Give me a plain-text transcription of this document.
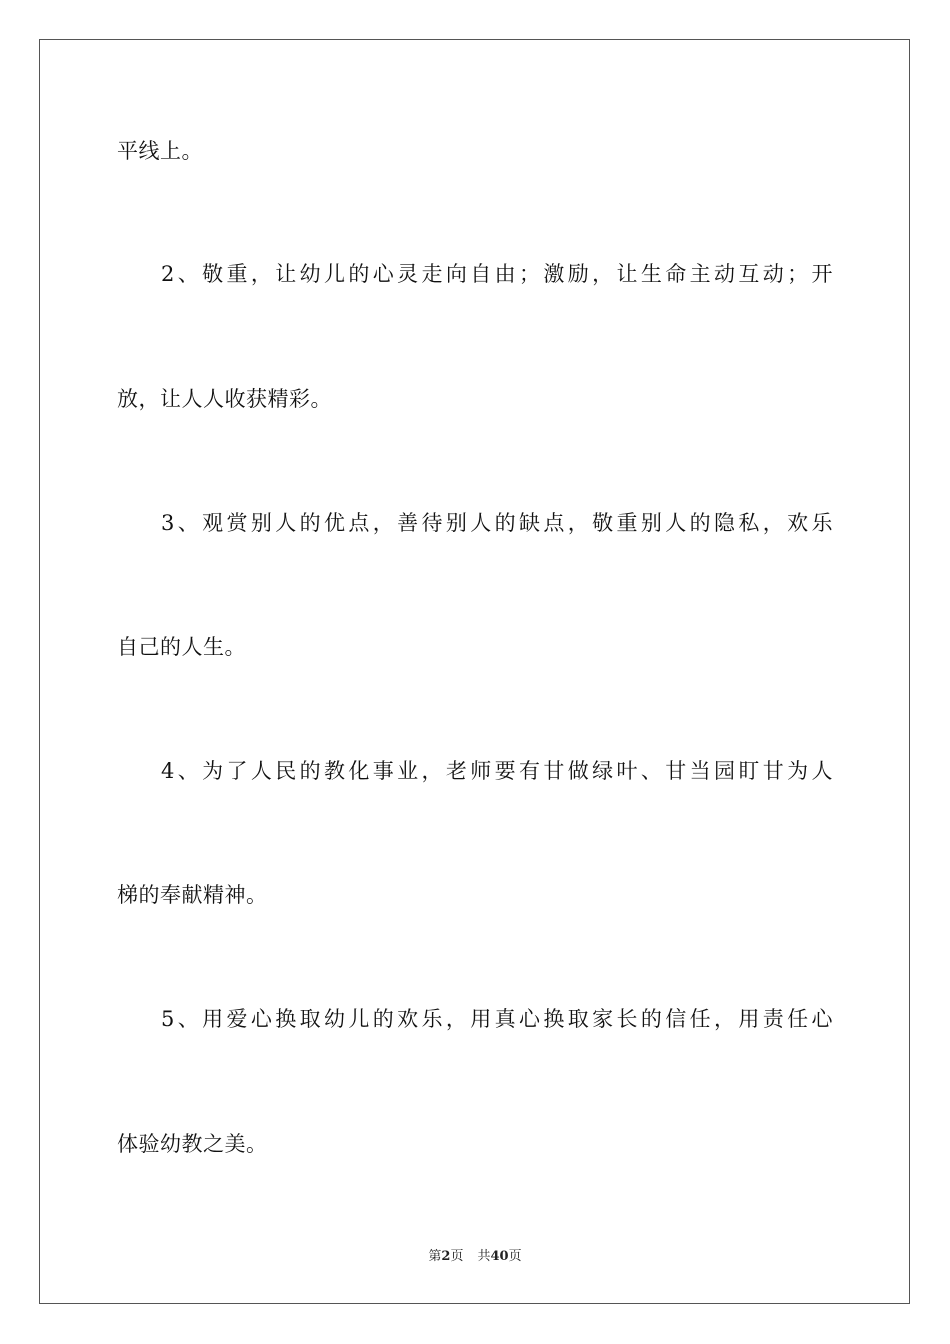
平线上。
2、敬重，让幼儿的心灵走向自由；激励，让生命主动互动；开
放，让人人收获精彩。
3、观赏别人的优点，善待别人的缺点，敬重别人的隐私，欢乐
自己的人生。
4、为了人民的教化事业，老师要有甘做绿叶、甘当园盯甘为人
梯的奉献精神。
5、用爱心换取幼儿的欢乐，用真心换取家长的信任，用责任心
体验幼教之美。
第2页 共40页
